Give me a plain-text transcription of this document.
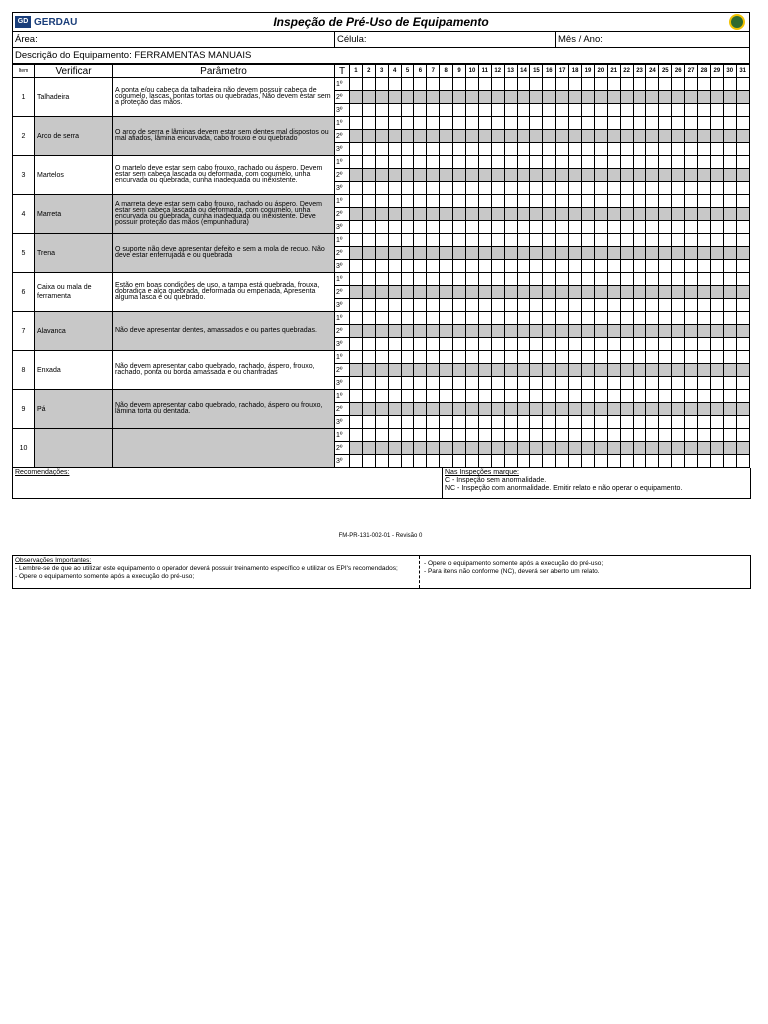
GD GERDAU	Inspeção de Pré-Uso de Equipamento

Área:	Célula:	Mês / Ano:
Descrição do Equipamento: FERRAMENTAS MANUAIS
Item	Verificar	Parâmetro	T	1	2	3	4	5	6	7	8	9	10	11	12	13	14	15	16	17	18	19	20	21	22	23	24	25	26	27	28	29	30	31
1	Talhadeira	A ponta e/ou cabeça da talhadeira não devem possuir cabeça de cogumelo, lascas, pontas tortas ou quebradas, Não devem estar sem a proteção das mãos.	1º																															
			2º																															
			3º																															
2	Arco de serra	O arco de serra e lâminas devem estar sem dentes mal dispostos ou mal afiados, lâmina encurvada, cabo frouxo e ou quebrado	1º																															
			2º																															
			3º																															
3	Martelos	O martelo deve estar sem cabo frouxo, rachado ou áspero. Devem estar sem cabeça lascada ou deformada, com cogumelo, unha encurvada ou quebrada, cunha inadequada ou inexistente.	1º																															
			2º																															
			3º																															
4	Marreta	A marreta deve estar sem cabo frouxo, rachado ou áspero. Devem estar sem cabeça lascada ou deformada, com cogumelo, unha encurvada ou quebrada, cunha inadequada ou inexistente. Deve possuir proteção das mãos (empunhadura)	1º																															
			2º																															
			3º																															
5	Trena	O suporte não deve apresentar defeito e sem a mola de recuo. Não deve estar enferrujada e ou quebrada	1º																															
			2º																															
			3º																															
6	Caixa ou mala de ferramenta	Estão em boas condições de uso, a tampa está quebrada, frouxa, dobradiça e alça quebrada, deformada ou empenada, Apresenta alguma lasca e ou quebrado.	1º																															
			2º																															
			3º																															
7	Alavanca	Não deve apresentar dentes, amassados e ou partes quebradas.	1º																															
			2º																															
			3º																															
8	Enxada	Não devem apresentar cabo quebrado, rachado, áspero, frouxo, rachado, ponta ou borda amassada e ou chanfradas	1º																															
			2º																															
			3º																															
9	Pá	Não devem apresentar cabo quebrado, rachado, áspero ou frouxo, lâmina torta ou dentada.	1º																															
			2º																															
			3º																															
10			1º																															
			2º																															
			3º																															
Recomendações:	Nas Inspeções marque:
C - Inspeção sem anormalidade.
NC - Inspeção com anormalidade. Emitir relato e não operar o equipamento.
FM-PR-131-002-01 - Revisão 0
Observações Importantes:
- Lembre-se de que ao utilizar este equipamento o operador deverá possuir treinamento específico e utilizar os EPI's recomendados;
- Opere o equipamento somente após a execução do pré-uso;
- Opere o equipamento somente após a execução do pré-uso;
- Para itens não conforme (NC), deverá ser aberto um relato.
